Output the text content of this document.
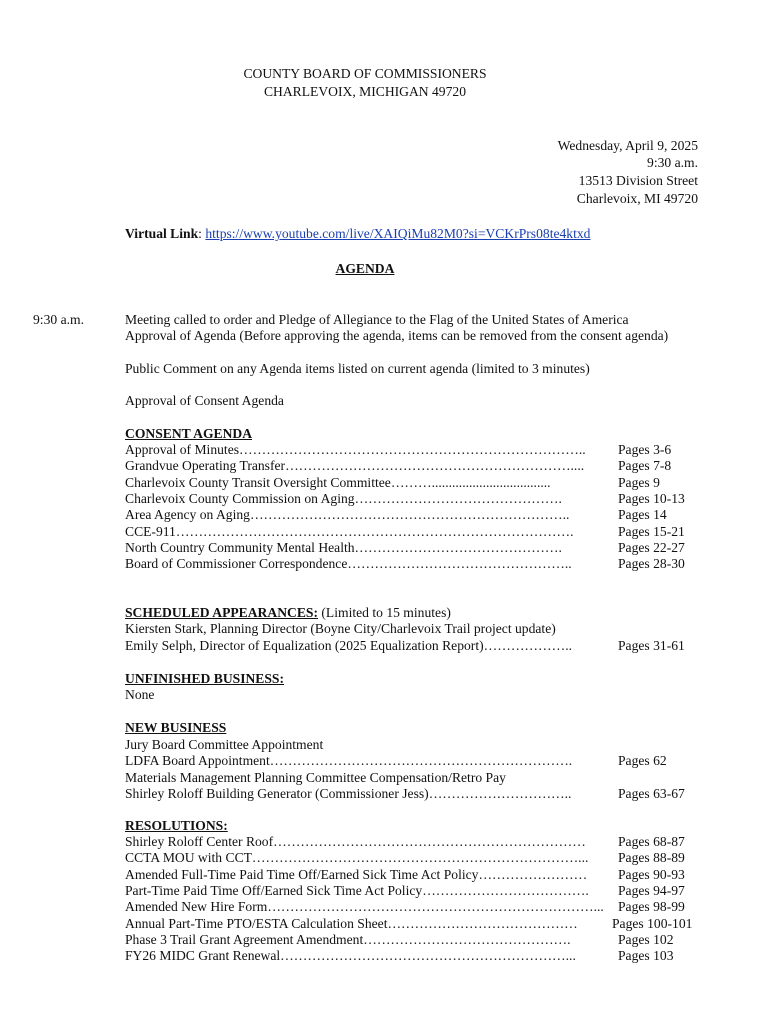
COUNTY BOARD OF COMMISSIONERS
CHARLEVOIX, MICHIGAN 49720
Wednesday, April 9, 2025
9:30 a.m.
13513 Division Street
Charlevoix, MI 49720
Virtual Link: https://www.youtube.com/live/XAIQiMu82M0?si=VCKrPrs08te4ktxd
AGENDA
9:30 a.m.	Meeting called to order and Pledge of Allegiance to the Flag of the United States of America
Approval of Agenda (Before approving the agenda, items can be removed from the consent agenda)
Public Comment on any Agenda items listed on current agenda (limited to 3 minutes)
Approval of Consent Agenda
CONSENT AGENDA
Approval of Minutes………………………………………………………………….. Pages 3-6
Grandvue Operating Transfer……………………………………………………….... Pages 7-8
Charlevoix County Transit Oversight Committee………...................................	Pages 9
Charlevoix County Commission on Aging……………………………………….	Pages 10-13
Area Agency on Aging……………………………………………………………..	Pages 14
CCE-911…………………………………………………………………………….	Pages 15-21
North Country Community Mental Health……………………………………….	Pages 22-27
Board of Commissioner Correspondence…………………………………………..	Pages 28-30
SCHEDULED APPEARANCES: (Limited to 15 minutes)
Kiersten Stark, Planning Director (Boyne City/Charlevoix Trail project update)
Emily Selph, Director of Equalization (2025 Equalization Report)………………..	Pages 31-61
UNFINISHED BUSINESS:
None
NEW BUSINESS
Jury Board Committee Appointment
LDFA Board Appointment………………………………………………………….	Pages 62
Materials Management Planning Committee Compensation/Retro Pay
Shirley Roloff Building Generator (Commissioner Jess)…………………………..	Pages 63-67
RESOLUTIONS:
Shirley Roloff Center Roof…………………………………………………………… Pages 68-87
CCTA MOU with CCT………………………………………………………………... Pages 88-89
Amended Full-Time Paid Time Off/Earned Sick Time Act Policy…………………… Pages 90-93
Part-Time Paid Time Off/Earned Sick Time Act Policy………………………………. Pages 94-97
Amended New Hire Form………………………………………………………………... Pages 98-99
Annual Part-Time PTO/ESTA Calculation Sheet……………………………………	Pages 100-101
Phase 3 Trail Grant Agreement Amendment……………………………………….	Pages 102
FY26 MIDC Grant Renewal………………………………………………………...	Pages 103
